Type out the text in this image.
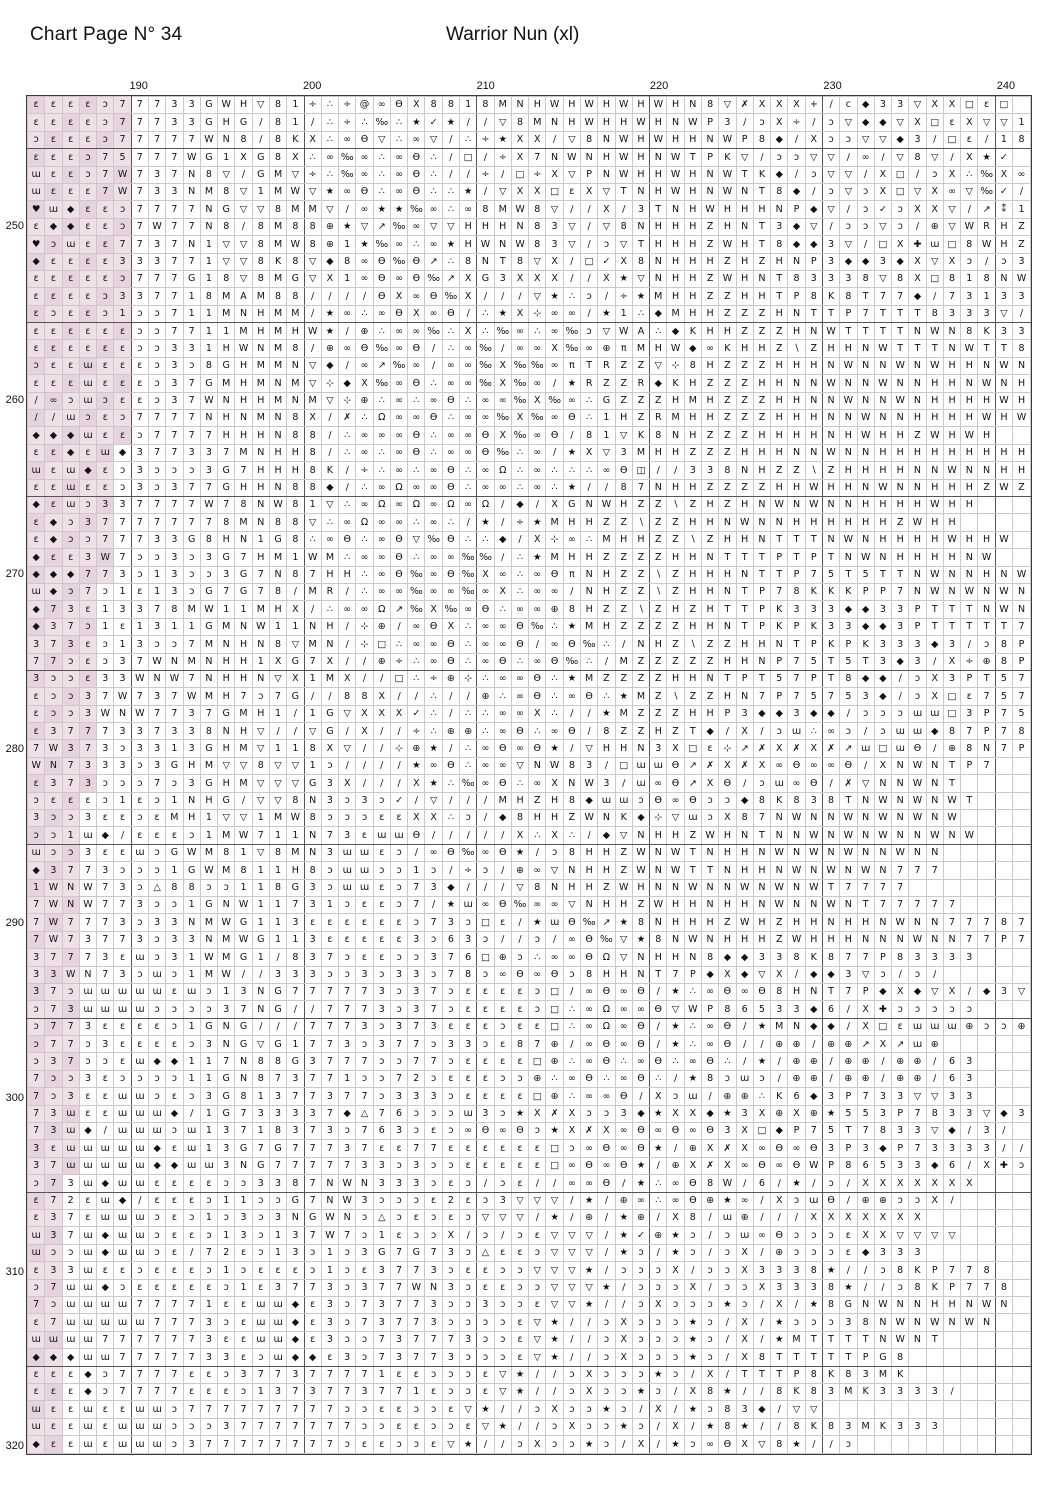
Chart Page N° 34	Warrior Nun (xl)
190	200	210	220	230	240
250
260
270
280
290
300
310
320
ε	ε	ε	ε	ɔ	7	7	7	3	3	G	W	H	▽	8	1	÷	∴	÷	@	∞	ϴ	X	8	8	1	8	M	N	H	W	H	W	H	W	H	W	H	N	8	▽	✗	X	X	X	+	∕	ϲ	◆	3	3	▽	X	X	□	ε	□	

ε	ε	ε	ε	ɔ	7	7	7	3	3	G	H	G	∕	8	1	∕	∴	÷	∴	‰	∴	★	✓	★	∕	∕	▽	8	M	N	H	W	H	H	W	H	N	W	P	3	∕	ɔ	X	÷	∕	ɔ	▽	◆	◆	▽	X	□	ε	X	▽	▽	1

ɔ	ε	ε	ε	ɔ	7	7	7	7	7	W	N	8	∕	8	K	X	∴	∞	ϴ	▽	∴	∞	▽	∕	∴	÷	★	X	X	∕	▽	8	N	W	H	W	H	H	N	W	P	8	◆	∕	X	ɔ	ɔ	▽	▽	◆	3	∕	□	ε	∕	1	8

ε	ε	ε	ɔ	7	5	7	7	7	W	G	1	X	G	8	X	∴	∞	‰	∞	∴	∞	ϴ	∴	∕	□	∕	÷	X	7	N	W	N	H	W	H	N	W	T	P	K	▽	∕	ɔ	ɔ	▽	▽	∕	∞	∕	▽	8	▽	∕	X	★	✓	

ɯ	ε	ε	ɔ	7	W	7	3	7	N	8	▽	∕	G	M	▽	÷	∴	‰	∞	∴	∞	ϴ	∴	∕	∕	÷	∕	□	÷	X	▽	P	N	W	H	H	W	H	N	W	T	K	◆	∕	ɔ	▽	▽	∕	X	□	∕	ɔ	X	∴	‰	X	∞

ɯ	ε	ε	ε	7	W	7	3	3	N	M	8	▽	1	M	W	▽	★	∞	ϴ	∴	∞	ϴ	∴	∴	★	∕	▽	X	X	□	ε	X	▽	T	N	H	W	H	N	W	N	T	8	◆	∕	ɔ	▽	ɔ	X	□	▽	X	∞	▽	‰	✓	∕

♥	ɯ	◆	ε	ε	ɔ	7	7	7	7	N	G	▽	▽	8	M	M	▽	∕	∞	★	★	‰	∞	∴	∞	8	M	W	8	▽	∕	∕	X	∕	3	T	N	H	W	H	H	H	N	P	◆	▽	∕	ɔ	✓	ɔ	X	X	▽	∕	↗	⁑	1

ε	◆	◆	ε	ε	ɔ	7	W	7	7	N	8	∕	8	M	8	8	⊕	★	▽	↗	‰	∞	▽	▽	H	H	H	N	8	3	▽	∕	▽	8	N	H	H	H	Z	H	N	T	3	◆	▽	∕	ɔ	ɔ	▽	ɔ	∕	⊕	▽	W	R	H	Z

♥	ɔ	ɯ	ε	ε	7	7	3	7	N	1	▽	▽	8	M	W	8	⊕	1	★	‰	∞	∴	∞	★	H	W	N	W	8	3	▽	∕	ɔ	▽	T	H	H	H	Z	W	H	T	8	◆	◆	3	▽	∕	□	X	✚	ɯ	□	8	W	H	Z

◆	ε	ε	ε	ε	3	3	3	7	7	1	▽	▽	8	K	8	▽	◆	8	∞	ϴ	‰	ϴ	↗	∴	8	N	T	8	▽	X	∕	□	✓	X	8	N	H	H	H	Z	H	Z	H	N	P	3	◆	◆	3	◆	X	▽	X	ɔ	∕	ɔ	3

ε	ε	ε	ε	ε	ɔ	7	7	7	G	1	8	▽	8	M	G	▽	X	1	∞	ϴ	∞	ϴ	‰	↗	X	G	3	X	X	X	∕	∕	X	★	▽	N	H	H	Z	W	H	N	T	8	3	3	3	8	▽	8	X	□	8	1	8	N	W

ε	ε	ε	ε	ɔ	3	3	7	7	1	8	M	A	M	8	8	∕	∕	∕	∕	ϴ	X	∞	ϴ	‰	X	∕	∕	∕	▽	★	∴	ɔ	∕	÷	★	M	H	H	Z	Z	H	H	T	P	8	K	8	T	7	7	◆	∕	7	3	1	3	3

ε	ɔ	ε	ε	ɔ	1	ɔ	ɔ	7	1	1	M	N	H	M	M	∕	★	∞	∴	∞	ϴ	X	∞	ϴ	∕	∴	★	X	⊹	∞	∞	∕	★	1	∴	◆	M	H	H	Z	Z	Z	H	N	T	T	P	7	T	T	T	8	3	3	3	▽	∕

ε	ε	ε	ε	ε	ε	ɔ	ɔ	7	7	1	1	M	H	M	H	W	★	∕	⊕	∴	∞	∞	‰	∴	X	∴	‰	∞	∴	∞	‰	ɔ	▽	W	A	∴	◆	K	H	H	Z	Z	Z	H	N	W	T	T	T	T	N	W	N	8	K	3	3

ε	ε	ε	ε	ε	ε	ɔ	ɔ	3	3	1	H	W	N	M	8	∕	⊕	∞	ϴ	‰	∞	ϴ	∕	∴	∞	‰	∕	∞	∞	X	‰	∞	⊕	π	M	H	W	◆	∞	K	H	H	Z	∖	Z	H	H	N	W	T	T	T	N	W	T	T	8

ɔ	ε	ε	ɯ	ε	ε	ε	ɔ	3	ɔ	8	G	H	M	M	N	▽	◆	∕	∞	↗	‰	∞	∕	∞	∞	‰	X	‰	‰	∞	π	T	R	Z	Z	▽	⊹	8	H	Z	Z	Z	H	H	H	N	W	N	N	W	N	W	H	H	N	W	N

ε	ε	ε	ɯ	ε	ε	ε	ɔ	3	7	G	M	H	M	N	M	▽	⊹	◆	X	‰	∞	ϴ	∴	∞	∞	‰	X	‰	∞	∕	★	R	Z	Z	R	◆	K	H	Z	Z	Z	H	H	N	N	W	N	N	W	N	N	H	H	N	W	N	H

∕	∞	ɔ	ɯ	ɔ	ε	ε	ɔ	3	7	W	N	H	H	M	N	M	▽	⊹	⊕	∴	∞	∴	∞	ϴ	∴	∞	∞	‰	X	‰	∞	∴	G	Z	Z	Z	H	M	H	Z	Z	Z	H	H	N	N	W	N	N	W	N	H	H	H	H	W	H

∕	∕	ɯ	ɔ	ε	ɔ	7	7	7	7	N	H	N	M	N	8	X	∕	✗	∴	Ω	∞	∞	ϴ	∴	∞	∞	‰	X	‰	∞	ϴ	∴	1	H	Z	R	M	H	H	Z	Z	Z	H	H	H	N	N	W	N	N	H	H	H	H	W	H	W

◆	◆	◆	ɯ	ε	ε	ɔ	7	7	7	7	H	H	H	N	8	8	∕	∴	∞	∞	∞	ϴ	∴	∞	∞	ϴ	X	‰	∞	ϴ	∕	8	1	▽	K	8	N	H	Z	Z	Z	H	H	H	H	N	H	W	H	H	Z	W	H	W	H		

ε	ε	◆	ε	ɯ	◆	3	7	7	3	3	7	M	N	H	H	8	∕	∴	∞	∴	∞	ϴ	∴	∞	∞	ϴ	‰	∴	∞	∕	★	X	▽	3	M	H	H	Z	Z	Z	H	H	H	N	N	W	N	N	H	H	H	H	H	H	H	H	H

ɯ	ε	ɯ	◆	ε	ɔ	3	ɔ	ɔ	ɔ	3	G	7	H	H	H	8	K	∕	÷	∴	∞	∴	∞	ϴ	∴	∞	Ω	∴	∞	∴	∴	∴	∞	ϴ	◫	∕	∕	3	3	8	N	H	Z	Z	∖	Z	H	H	H	H	N	N	W	N	N	H	H

ε	ε	ɯ	ε	ε	ɔ	3	ɔ	3	7	7	G	H	H	N	8	8	◆	∕	∴	∞	Ω	∞	∞	ϴ	∴	∞	∞	∴	∞	∴	★	∕	∕	8	7	N	H	H	Z	Z	Z	Z	H	H	W	H	H	N	W	N	N	H	H	H	Z	W	Z

◆	ε	ɯ	ɔ	3	3	7	7	7	7	W	7	8	N	W	8	1	▽	∴	∞	Ω	∞	Ω	∞	Ω	∞	Ω	∕	◆	∕	X	G	N	W	H	Z	Z	∖	Z	H	Z	H	N	W	N	W	N	N	H	H	H	H	W	H	H			

ε	◆	ɔ	3	7	7	7	7	7	7	7	8	M	N	8	8	▽	∴	∞	Ω	∞	∞	∴	∞	∴	∕	★	∕	÷	★	M	H	H	Z	Z	∖	Z	Z	H	H	N	W	N	N	H	H	H	H	H	H	Z	W	H	H				

ε	◆	ɔ	ɔ	7	7	7	3	3	G	8	H	N	1	G	8	∴	∞	ϴ	∴	∞	ϴ	▽	‰	ϴ	∴	∴	◆	∕	X	⊹	∞	∴	M	H	H	Z	Z	∖	Z	H	H	N	T	T	T	N	W	N	H	H	H	H	W	H	H	W	

◆	ε	ε	3	W	7	ɔ	ɔ	3	ɔ	3	G	7	H	M	1	W	M	∴	∞	∞	ϴ	∴	∞	∞	‰	‰	∕	∴	★	M	H	H	Z	Z	Z	Z	H	H	N	T	T	T	P	T	P	T	N	W	N	H	H	H	H	N	W		

◆	◆	◆	7	7	3	ɔ	1	3	ɔ	ɔ	3	G	7	N	8	7	H	H	∴	∞	ϴ	‰	∞	ϴ	‰	X	∞	∴	∞	ϴ	π	N	H	Z	Z	∖	Z	H	H	H	N	T	T	P	7	5	T	5	T	T	N	W	N	N	H	N	W

ɯ	◆	ɔ	7	ɔ	1	ε	1	3	ɔ	G	7	G	7	8	∕	M	R	∕	∴	∞	∞	‰	∞	∞	‰	∞	X	∴	∞	∞	∕	N	H	Z	Z	∖	Z	H	H	N	T	P	7	8	K	K	K	P	P	7	N	W	N	W	N	W	N

◆	7	3	ε	1	3	3	7	8	M	W	1	1	M	H	X	∕	∴	∞	∞	Ω	↗	‰	X	‰	∞	ϴ	∴	∞	∞	⊕	8	H	Z	Z	∖	Z	H	Z	H	T	T	P	K	3	3	3	◆	◆	3	3	P	T	T	T	N	W	N

◆	3	7	ɔ	1	ε	1	3	1	1	G	M	N	W	1	1	N	H	∕	⊹	⊕	∕	∞	ϴ	X	∴	∞	∞	ϴ	‰	∴	★	M	H	Z	Z	Z	Z	H	H	N	T	P	K	P	K	3	3	◆	◆	3	P	T	T	T	T	T	7

3	7	3	ε	ɔ	1	3	ɔ	ɔ	7	M	N	H	N	8	▽	M	N	∕	⊹	□	∴	∞	∞	ϴ	∴	∞	∞	ϴ	∕	∞	ϴ	‰	∴	∕	N	H	Z	∖	Z	Z	H	H	N	T	P	K	P	K	3	3	3	◆	3	∕	ɔ	8	P

7	7	ɔ	ε	ɔ	3	7	W	N	M	N	H	H	1	X	G	7	X	∕	∕	⊕	÷	∴	∞	ϴ	∴	∞	ϴ	∴	∞	ϴ	‰	∴	∕	M	Z	Z	Z	Z	Z	H	H	N	P	7	5	T	5	T	3	◆	3	∕	X	÷	⊕	8	P

3	ɔ	ɔ	ε	3	3	W	N	W	7	N	H	H	N	▽	X	1	M	X	∕	∕	□	∴	÷	⊕	⊹	∴	∞	∞	ϴ	∴	★	M	Z	Z	Z	Z	H	H	N	T	P	T	5	7	P	T	8	◆	◆	∕	ɔ	X	3	P	T	5	7

ε	ɔ	ɔ	3	7	W	7	3	7	W	M	H	7	ɔ	7	G	∕	∕	8	8	X	∕	∕	∴	∕	∕	⊕	∴	∞	ϴ	∴	∞	ϴ	∴	★	M	Z	∖	Z	Z	H	N	7	P	7	5	7	5	3	◆	∕	ɔ	X	□	ε	7	5	7

ε	ɔ	ɔ	3	W	N	W	7	7	3	7	G	M	H	1	∕	1	G	▽	X	X	X	✓	∴	∕	∴	∴	∞	∞	X	∴	∕	∕	★	M	Z	Z	Z	H	H	P	3	◆	◆	3	◆	◆	∕	ɔ	ɔ	ɔ	ɯ	ɯ	□	3	P	7	5

ε	3	7	7	7	3	3	7	3	3	8	N	H	▽	∕	∕	▽	G	∕	X	∕	∕	÷	∴	⊕	⊕	∴	∞	ϴ	∴	∞	ϴ	∕	8	Z	Z	H	Z	T	◆	∕	X	∕	ɔ	ɯ	∴	∞	ɔ	∕	ɔ	ɯ	ɯ	◆	8	7	P	7	8

7	W	3	7	3	ɔ	3	3	1	3	G	H	M	▽	1	1	8	X	▽	∕	∕	⊹	⊕	★	∕	∴	∞	ϴ	∞	ϴ	★	∕	▽	H	H	N	3	X	□	ε	⊹	↗	✗	X	✗	X	✗	↗	ɯ	□	ɯ	ϴ	∕	⊕	8	N	7	P

W	N	7	3	3	3	ɔ	3	G	H	M	▽	▽	8	▽	▽	1	ɔ	∕	∕	∕	∕	★	∞	ϴ	∴	∞	∞	▽	N	W	8	3	∕	□	ɯ	ɯ	ϴ	↗	✗	X	✗	X	∞	ϴ	∞	∞	ϴ	∕	X	N	W	N	T	P	7		

ε	3	7	3	ɔ	ɔ	ɔ	7	ɔ	3	G	H	M	▽	▽	▽	G	3	X	∕	∕	∕	X	★	∴	‰	∞	ϴ	∴	∞	X	N	W	3	∕	ɯ	∞	ϴ	↗	X	ϴ	∕	ɔ	ɯ	∞	ϴ	∕	✗	▽	N	N	W	N	T				

ɔ	ε	ε	ε	ɔ	1	ε	ɔ	1	N	H	G	∕	▽	▽	8	N	3	ɔ	3	ɔ	✓	∕	▽	∕	∕	∕	M	H	Z	H	8	◆	ɯ	ɯ	ɔ	ϴ	∞	ϴ	ɔ	ɔ	◆	8	K	8	3	8	T	N	W	N	W	N	W	T			

3	ɔ	ɔ	3	ε	ε	ɔ	ε	M	H	1	▽	▽	1	M	W	8	ɔ	ɔ	ɔ	ε	ε	X	X	∴	ɔ	∕	◆	8	H	H	Z	W	N	K	◆	⊹	▽	ɯ	ɔ	X	8	7	N	W	N	N	W	N	W	N	W	N	W				

ɔ	ɔ	1	ɯ	◆	∕	ε	ε	ε	ɔ	1	M	W	7	1	1	N	7	3	ε	ɯ	ɯ	ϴ	∕	∕	∕	∕	∕	X	∴	X	∴	∕	◆	▽	N	H	H	Z	W	H	N	T	N	N	W	N	W	N	W	N	N	W	N	W			

ɯ	ɔ	ɔ	3	ε	ε	ɯ	ɔ	G	W	M	8	1	▽	8	M	N	3	ɯ	ɯ	ε	ɔ	∕	∞	ϴ	‰	∞	ϴ	★	∕	ɔ	8	H	H	Z	W	N	W	T	N	H	H	N	W	N	W	N	W	N	N	W	N	N					

◆	3	7	7	3	ɔ	ɔ	ɔ	1	G	W	M	8	1	1	H	8	ɔ	ɯ	ɯ	ɔ	ɔ	1	ɔ	∕	÷	ɔ	∕	⊕	∞	▽	N	H	H	Z	W	N	W	T	T	N	H	H	N	W	N	W	N	W	N	7	7	7					

1	W	N	W	7	3	ɔ	△	8	8	ɔ	ɔ	1	1	8	G	3	ɔ	ɯ	ɯ	ε	ɔ	7	3	◆	∕	∕	∕	▽	8	N	H	H	Z	W	H	N	N	W	N	N	W	N	W	N	W	T	7	7	7	7							

7	W	N	W	7	7	3	ɔ	ɔ	1	G	N	W	1	1	7	3	1	ɔ	ε	ε	ɔ	7	∕	★	ɯ	∞	ϴ	‰	∞	∞	▽	N	H	H	Z	W	H	H	N	H	H	N	W	N	N	W	N	T	7	7	7	7	7				

7	W	7	7	7	3	ɔ	3	3	N	M	W	G	1	1	3	ε	ε	ε	ε	ε	ε	ɔ	7	3	ɔ	□	ε	∕	★	ɯ	ϴ	‰	↗	★	8	N	H	H	H	Z	W	H	Z	H	H	N	H	H	N	W	N	N	7	7	7	8	7

7	W	7	3	7	7	3	ɔ	3	3	N	M	W	G	1	1	3	ε	ε	ε	ε	ε	3	ɔ	6	3	ɔ	∕	∕	ɔ	∕	∞	ϴ	‰	▽	★	8	N	W	N	H	H	H	Z	W	H	H	H	N	N	N	W	N	N	7	7	P	7

3	7	7	7	3	ε	ɯ	ɔ	3	1	W	M	G	1	∕	8	3	7	ɔ	ε	ε	ɔ	ɔ	3	7	6	□	⊕	ɔ	∴	∞	∞	ϴ	Ω	▽	N	H	H	N	8	◆	◆	3	3	8	K	8	7	7	P	8	3	3	3	3			

3	3	W	N	7	3	ɔ	ɯ	ɔ	1	M	W	∕	∕	3	3	3	ɔ	ɔ	3	ɔ	3	3	ɔ	7	8	ɔ	∞	ϴ	∞	ϴ	ɔ	8	H	H	N	T	7	P	◆	X	◆	▽	X	∕	◆	◆	3	▽	ɔ	∕	ɔ	∕					

3	7	ɔ	ɯ	ɯ	ɯ	ɯ	ɯ	ε	ɯ	ɔ	1	3	N	G	7	7	7	7	7	3	ɔ	3	7	ɔ	ε	ε	ε	ε	ɔ	□	∕	∞	ϴ	∞	ϴ	∕	★	∴	∞	ϴ	∞	ϴ	8	H	N	T	7	P	◆	X	◆	▽	X	∕	◆	3	▽

ɔ	7	3	ɯ	ɯ	ɯ	ɯ	ɔ	ɔ	ɔ	ɔ	3	7	N	G	∕	∕	7	7	7	3	ɔ	3	7	ɔ	ε	ε	ε	ε	ɔ	□	∴	∞	Ω	∞	∞	ϴ	▽	W	P	8	6	5	3	3	◆	6	∕	X	✚	ɔ	ɔ	ɔ	ɔ	ɔ			

ɔ	7	7	3	ε	ε	ε	ε	ɔ	1	G	N	G	∕	∕	∕	7	7	7	3	ɔ	3	7	3	ε	ε	ε	ɔ	ε	ε	□	∴	∞	Ω	∞	ϴ	∕	★	∴	∞	ϴ	∕	★	M	N	◆	◆	∕	X	□	ε	ɯ	ɯ	ɯ	⊕	ɔ	ɔ	⊕

ɔ	7	7	ɔ	3	ε	ε	ε	ε	ɔ	3	N	G	▽	G	1	7	7	3	ɔ	3	7	7	ɔ	3	3	ɔ	ε	8	7	⊕	∕	∞	ϴ	∞	ϴ	∕	★	∴	∞	ϴ	∕	∕	⊕	⊕	∕	⊕	⊕	↗	X	↗	ɯ	⊕					

ɔ	3	7	ɔ	ɔ	ε	ɯ	◆	◆	1	1	7	N	8	8	G	3	7	7	7	ɔ	ɔ	7	7	ɔ	ε	ε	ε	ε	□	⊕	∴	∞	ϴ	∴	∞	ϴ	∴	∞	ϴ	∴	∕	★	∕	⊕	⊕	∕	⊕	⊕	∕	⊕	⊕	∕	6	3			

7	ɔ	ɔ	3	ε	ɔ	ɔ	ɔ	ɔ	1	1	G	N	8	7	3	7	7	1	ɔ	ɔ	7	2	ɔ	ε	ε	ε	ɔ	ɔ	⊕	∴	∞	ϴ	∴	∞	ϴ	∴	∕	★	8	ɔ	ɯ	ɔ	∕	⊕	⊕	∕	⊕	⊕	∕	⊕	⊕	∕	6	3			

7	ɔ	3	ε	ε	ɯ	ɯ	ɔ	ε	ɔ	3	G	8	1	3	7	7	3	7	7	ɔ	3	3	3	ɔ	ε	ε	ε	ε	□	⊕	∴	∞	∞	ϴ	∕	X	ɔ	ɯ	∕	⊕	⊕	∴	K	6	◆	3	P	7	3	3	▽	▽	3	3			

7	3	ɯ	ε	ε	ɯ	ɯ	ɯ	◆	∕	1	G	7	3	3	3	3	7	◆	△	7	6	ɔ	ɔ	ɔ	ɯ	3	ɔ	★	X	✗	X	ɔ	ɔ	3	◆	★	X	X	◆	★	3	X	⊕	X	⊕	★	5	5	3	P	7	8	3	3	▽	◆	3

7	3	ɯ	◆	∕	ɯ	ɯ	ɯ	ɔ	ɯ	1	3	7	1	8	3	7	3	ɔ	7	6	3	ɔ	ε	ɔ	∞	ϴ	∞	ϴ	ɔ	★	X	✗	X	∞	ϴ	∞	ϴ	∞	ϴ	3	X	□	◆	P	7	5	T	7	8	3	3	▽	◆	∕	3	∕	

3	ε	ɯ	ɯ	ɯ	ɯ	ɯ	◆	ε	ɯ	1	3	G	7	G	7	7	7	3	7	ε	ε	7	7	ε	ε	ε	ε	ε	ε	□	ɔ	∞	ϴ	∞	ϴ	★	∕	⊕	X	✗	X	∞	ϴ	∞	ϴ	3	P	3	◆	P	7	3	3	3	3	∕	∕

3	7	ɯ	ɯ	ɯ	ɯ	ɯ	◆	◆	ɯ	ɯ	3	N	G	7	7	7	7	7	3	3	ɔ	3	ɔ	ɔ	ε	ε	ε	ε	ε	□	∞	ϴ	∞	ϴ	★	∕	⊕	X	✗	X	∞	ϴ	∞	ϴ	W	P	8	6	5	3	3	◆	6	∕	X	✚	ɔ

ɔ	7	3	ɯ	◆	ɯ	ɯ	ε	ε	ε	ε	ɔ	ɔ	3	3	8	7	N	W	N	3	3	3	ɔ	ε	ɔ	∕	ɔ	ε	∕	∕	∞	∞	ϴ	∕	★	∴	∞	ϴ	8	W	∕	6	∕	★	∕	ɔ	∕	X	X	X	X	X	X	X			

ε	7	2	ε	ɯ	◆	∕	ε	ε	ε	ɔ	1	1	ɔ	ɔ	G	7	N	W	3	ɔ	ɔ	ɔ	ε	2	ε	ɔ	3	▽	▽	▽	∕	★	∕	⊕	∞	∴	∞	ϴ	⊕	★	∞	∕	X	ɔ	ɯ	ϴ	∕	⊕	⊕	ɔ	ɔ	X	∕				

ε	3	7	ε	ɯ	ɯ	ɯ	ɔ	ε	ɔ	1	ɔ	3	ɔ	3	N	G	W	N	ɔ	△	ɔ	ε	ɔ	ε	ɔ	▽	▽	▽	∕	★	∕	⊕	∕	★	⊕	∕	X	8	∕	ɯ	⊕	∕	∕	∕	X	X	X	X	X	X	X						

ɯ	3	7	ɯ	◆	ɯ	ɯ	ɔ	ε	ε	ɔ	1	3	ɔ	1	3	7	W	7	ɔ	1	ε	ɔ	ɔ	X	∕	ɔ	∕	ɔ	ε	▽	▽	▽	∕	★	✓	⊕	★	ɔ	∕	ɔ	ɯ	∞	ϴ	ɔ	ɔ	ɔ	ε	X	X	▽	▽	▽	▽				

ɯ	ɔ	ɔ	ɯ	◆	ɯ	ɯ	ɔ	ε	∕	7	2	ε	ɔ	1	3	ɔ	1	ɔ	3	G	7	G	7	3	ɔ	△	ε	ε	ɔ	▽	▽	▽	∕	★	ɔ	∕	★	ɔ	∕	ɔ	X	∕	⊕	ɔ	ɔ	ɔ	ε	◆	3	3	3						

ε	3	3	ɯ	ε	ε	ɔ	ε	ε	ε	ɔ	1	ɔ	ε	ε	ε	ɔ	1	ɔ	ε	3	7	7	3	ɔ	ε	ε	ɔ	ɔ	▽	▽	▽	★	∕	ɔ	ɔ	ɔ	X	∕	ɔ	ɔ	X	3	3	3	8	★	∕	∕	ɔ	8	K	P	7	7	8		

ɔ	7	ɯ	ɯ	◆	ɔ	ε	ε	ε	ε	ε	ɔ	1	ε	3	7	7	3	ɔ	3	7	7	W	N	3	ɔ	ε	ε	ɔ	ɔ	▽	▽	▽	★	∕	ɔ	ɔ	ɔ	X	∕	ɔ	ɔ	X	3	3	3	8	★	∕	∕	ɔ	8	K	P	7	7	8	

7	ɔ	ɯ	ɯ	ɯ	ɯ	7	7	7	7	1	ε	ε	ɯ	ɯ	◆	ε	3	ɔ	7	3	7	7	3	ɔ	ɔ	3	ɔ	ɔ	ε	▽	▽	★	∕	∕	ɔ	X	ɔ	ɔ	ɔ	★	ɔ	∕	X	∕	★	8	G	N	W	N	N	H	H	N	W	N	

ε	7	ɯ	ɯ	ɯ	ɯ	ɯ	7	7	7	3	ɔ	ε	ɯ	ɯ	◆	ε	3	ɔ	7	3	7	7	3	ɔ	ɔ	ɔ	ɔ	ε	▽	★	∕	∕	ɔ	X	ɔ	ɔ	ɔ	★	ɔ	∕	X	∕	★	ɔ	ɔ	ɔ	3	8	N	W	N	W	N	W	N		

ɯ	ɯ	ɯ	ɯ	7	7	7	7	7	7	3	ε	ε	ɯ	ɯ	◆	ε	3	ɔ	ɔ	7	3	7	7	7	3	ɔ	ɔ	ε	▽	★	∕	∕	ɔ	X	ɔ	ɔ	ɔ	★	ɔ	∕	X	∕	★	M	T	T	T	T	N	W	N	T					

◆	◆	◆	ɯ	ɯ	7	7	7	7	7	3	3	ε	ɔ	ɯ	◆	◆	ε	3	ɔ	7	3	7	7	3	ɔ	ɔ	ɔ	ε	▽	★	∕	∕	ɔ	X	ɔ	ɔ	ɔ	★	ɔ	∕	X	8	T	T	T	T	T	P	G	8							

ε	ε	ε	◆	ɔ	7	7	7	7	ε	ε	ɔ	3	7	7	3	7	7	7	7	1	ε	ε	ɔ	ɔ	ɔ	ε	▽	★	∕	∕	ɔ	X	ɔ	ɔ	ɔ	★	ɔ	∕	X	∕	T	T	T	P	8	K	8	3	M	K							

ε	ε	ε	◆	ɔ	7	7	7	7	ε	ε	ε	ɔ	1	3	7	3	7	7	3	7	7	1	ε	ɔ	ɔ	ε	▽	★	∕	∕	ɔ	X	ɔ	ɔ	★	ɔ	∕	X	8	★	∕	∕	8	K	8	3	M	K	3	3	3	3	∕				

ɯ	ε	ε	ɯ	ε	ε	ɯ	ɯ	ɔ	7	7	7	7	7	7	7	7	7	ɔ	ɔ	ε	ε	ɔ	ɔ	ε	▽	★	∕	∕	ɔ	X	ɔ	ɔ	★	ɔ	∕	X	∕	★	ɔ	8	3	◆	∕	▽	▽												

ɯ	ε	ε	ɯ	ε	ɯ	ɯ	ɯ	ɔ	ɔ	ɔ	3	7	7	7	7	7	7	7	ɔ	ɔ	ε	ε	ɔ	ɔ	ε	▽	★	∕	∕	ɔ	X	ɔ	ɔ	★	ɔ	∕	X	∕	★	8	★	∕	∕	8	K	8	3	M	K	3	3	3					

◆	ε	ε	ɯ	ε	ɯ	ɯ	ɯ	ɔ	3	7	7	7	7	7	7	7	7	ɔ	ε	ε	ɔ	ɔ	ε	▽	★	∕	∕	ɔ	X	ɔ	ɔ	★	ɔ	∕	X	∕	★	ɔ	∞	ϴ	X	▽	8	★	∕	∕	ɔ										
